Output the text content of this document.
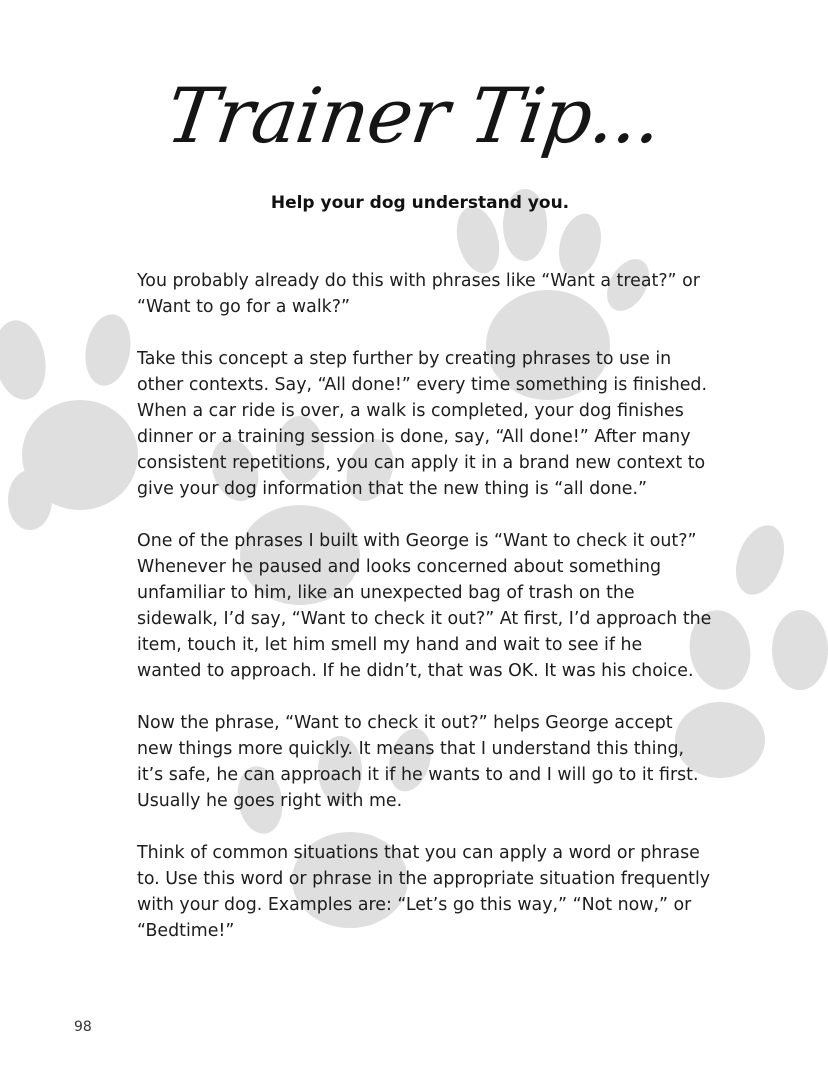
Trainer Tip...
Help your dog understand you.

You probably already do this with phrases like “Want a treat?” or “Want to go for a walk?”

Take this concept a step further by creating phrases to use in other contexts. Say, “All done!” every time something is finished. When a car ride is over, a walk is completed, your dog finishes dinner or a training session is done, say, “All done!” After many consistent repetitions, you can apply it in a brand new context to give your dog information that the new thing is “all done.”

One of the phrases I built with George is “Want to check it out?” Whenever he paused and looks concerned about something unfamiliar to him, like an unexpected bag of trash on the sidewalk, I’d say, “Want to check it out?” At first, I’d approach the item, touch it, let him smell my hand and wait to see if he wanted to approach. If he didn’t, that was OK. It was his choice.

Now the phrase, “Want to check it out?” helps George accept new things more quickly. It means that I understand this thing, it’s safe, he can approach it if he wants to and I will go to it first. Usually he goes right with me.

Think of common situations that you can apply a word or phrase to. Use this word or phrase in the appropriate situation frequently with your dog. Examples are: “Let’s go this way,” “Not now,” or “Bedtime!”

98
